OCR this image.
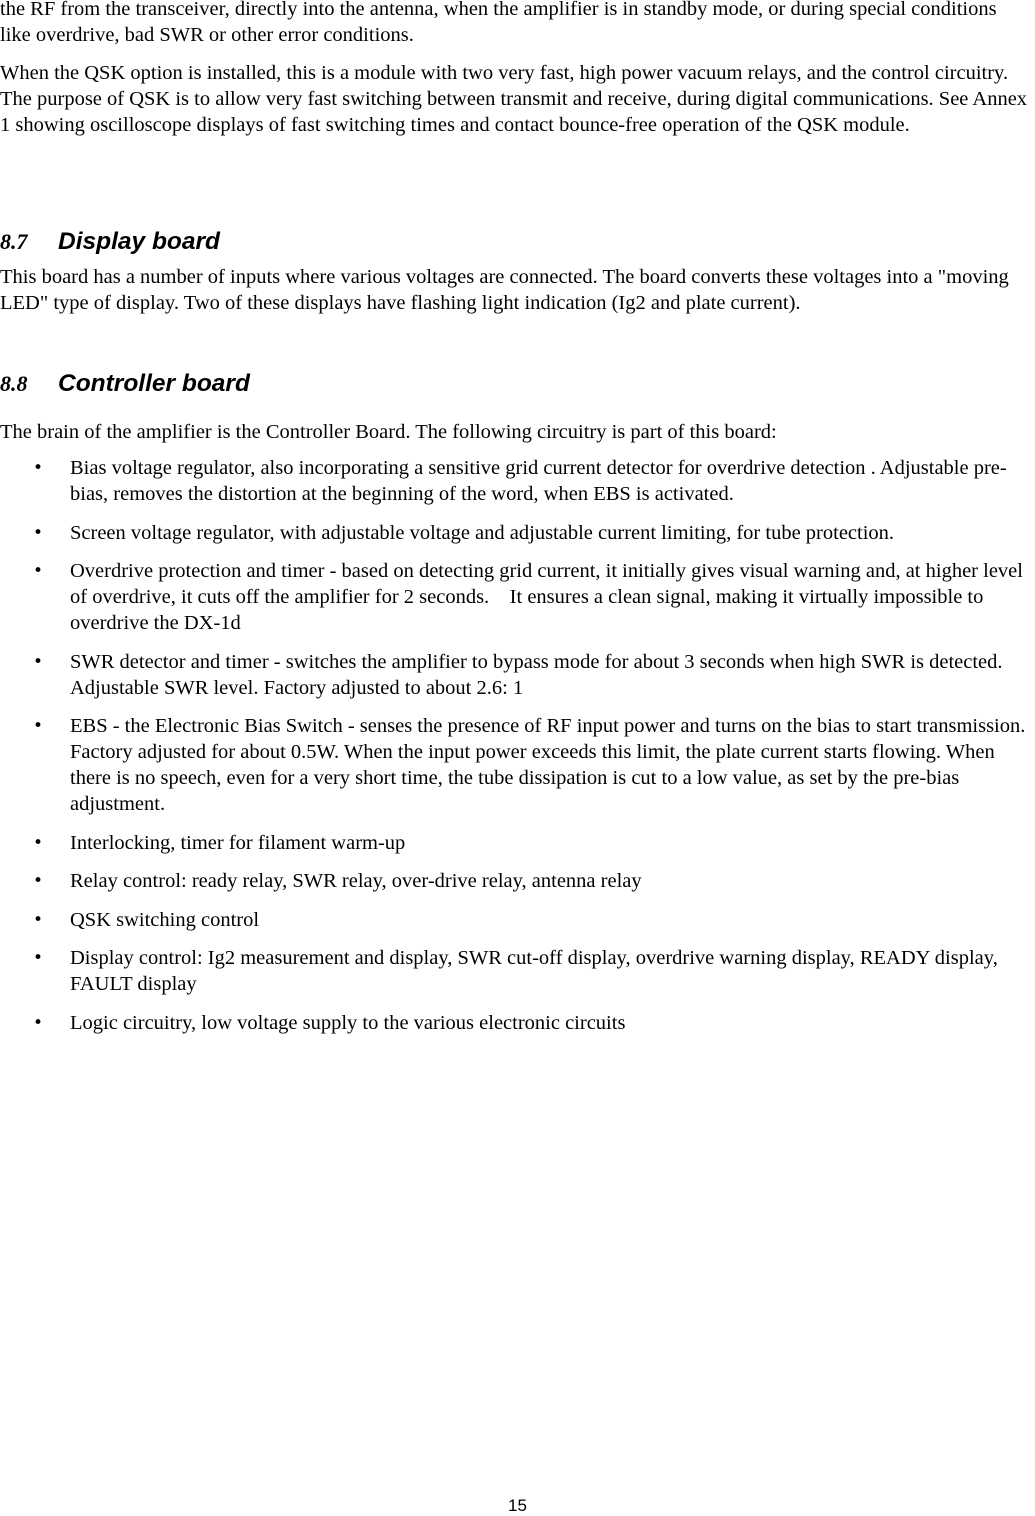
the RF from the transceiver, directly into the antenna, when the amplifier is in standby mode, or during special conditions like overdrive, bad SWR or other error conditions.

When the QSK option is installed, this is a module with two very fast, high power vacuum relays, and the control circuitry. The purpose of QSK is to allow very fast switching between transmit and receive, during digital communications. See Annex 1 showing oscilloscope displays of fast switching times and contact bounce-free operation of the QSK module.

8.7 Display board

This board has a number of inputs where various voltages are connected. The board converts these voltages into a "moving LED" type of display. Two of these displays have flashing light indication (Ig2 and plate current).

8.8 Controller board

The brain of the amplifier is the Controller Board. The following circuitry is part of this board:

• Bias voltage regulator, also incorporating a sensitive grid current detector for overdrive detection . Adjustable pre-bias, removes the distortion at the beginning of the word, when EBS is activated.
• Screen voltage regulator, with adjustable voltage and adjustable current limiting, for tube protection.
• Overdrive protection and timer - based on detecting grid current, it initially gives visual warning and, at higher level of overdrive, it cuts off the amplifier for 2 seconds.    It ensures a clean signal, making it virtually impossible to overdrive the DX-1d
• SWR detector and timer - switches the amplifier to bypass mode for about 3 seconds when high SWR is detected. Adjustable SWR level. Factory adjusted to about 2.6: 1
• EBS - the Electronic Bias Switch - senses the presence of RF input power and turns on the bias to start transmission. Factory adjusted for about 0.5W. When the input power exceeds this limit, the plate current starts flowing. When there is no speech, even for a very short time, the tube dissipation is cut to a low value, as set by the pre-bias adjustment.
• Interlocking, timer for filament warm-up
• Relay control: ready relay, SWR relay, over-drive relay, antenna relay
• QSK switching control
• Display control: Ig2 measurement and display, SWR cut-off display, overdrive warning display, READY display, FAULT display
• Logic circuitry, low voltage supply to the various electronic circuits
15
